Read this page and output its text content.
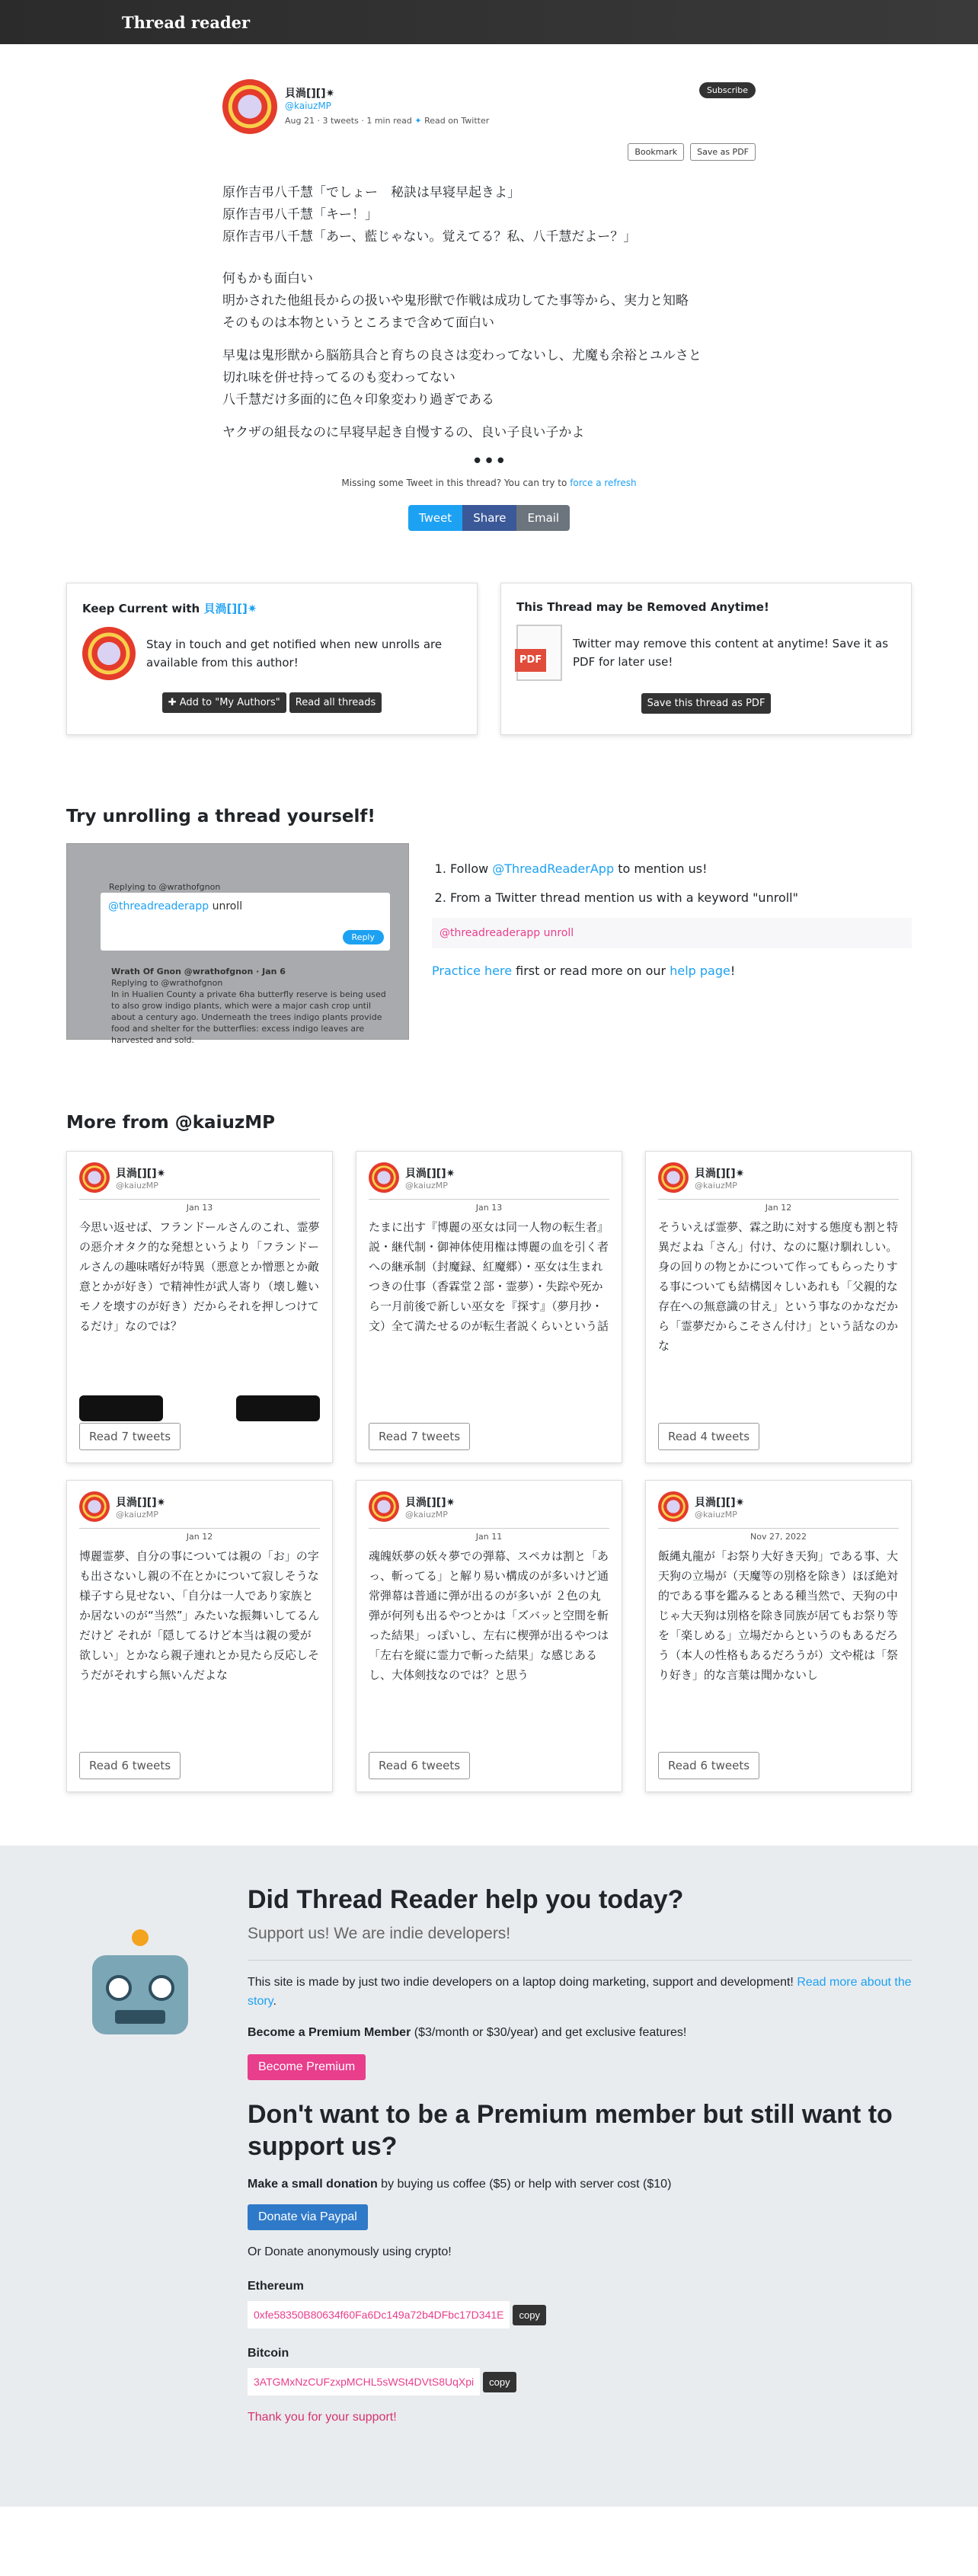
Thread reader
貝渦[][]✷
@kaiuzMP
Aug 21 · 3 tweets · 1 min read ✦ Read on Twitter
Subscribe
Bookmark	Save as PDF

原作吉弔八千慧「でしょー　秘訣は早寝早起きよ」
原作吉弔八千慧「キー！」
原作吉弔八千慧「あー、藍じゃない。覚えてる？私、八千慧だよー？」

何もかも面白い
明かされた他組長からの扱いや鬼形獣で作戦は成功してた事等から、実力と知略
そのものは本物というところまで含めて面白い

早鬼は鬼形獣から脳筋具合と育ちの良さは変わってないし、尤魔も余裕とユルさと
切れ味を併せ持ってるのも変わってない
八千慧だけ多面的に色々印象変わり過ぎである

ヤクザの組長なのに早寝早起き自慢するの、良い子良い子かよ

•••
Missing some Tweet in this thread? You can try to force a refresh
Tweet	Share	Email
Keep Current with 貝渦[][]✷
Stay in touch and get notified when new unrolls are available from this author!
✚ Add to "My Authors"	Read all threads
This Thread may be Removed Anytime!
PDF
Twitter may remove this content at anytime! Save it as PDF for later use!
Save this thread as PDF
Try unrolling a thread yourself!
Replying to @wrathofgnon
@threadreaderapp unroll
Reply
Wrath Of Gnon @wrathofgnon · Jan 6
Replying to @wrathofgnon
In in Hualien County a private 6ha butterfly reserve is being used to also grow indigo plants, which were a major cash crop until about a century ago. Underneath the trees indigo plants provide food and shelter for the butterflies: excess indigo leaves are harvested and sold.
1. Follow @ThreadReaderApp to mention us!
2. From a Twitter thread mention us with a keyword "unroll"
@threadreaderapp unroll
Practice here first or read more on our help page!
More from @kaiuzMP
貝渦[][]✷
@kaiuzMP
Jan 13
今思い返せば、フランドールさんのこれ、霊夢の惡介オタク的な発想というより「フランドールさんの趣味嗜好が特異（悪意とか憎悪とか敵意とかが好き）で精神性が武人寄り（壊し難いモノを壊すのが好き）だからそれを押しつけてるだけ」なのでは？
Read 7 tweets
貝渦[][]✷
@kaiuzMP
Jan 13
たまに出す『博麗の巫女は同一人物の転生者』説・継代制・御神体使用権は博麗の血を引く者への継承制（封魔録、紅魔郷）・巫女は生まれつきの仕事（香霖堂２部・霊夢）・失踪や死から一月前後で新しい巫女を『探す』（夢月抄・文）全て満たせるのが転生者説くらいという話
Read 7 tweets
貝渦[][]✷
@kaiuzMP
Jan 12
そういえば霊夢、霖之助に対する態度も割と特異だよね「さん」付け、なのに駆け馴れしい。身の回りの物とかについて作ってもらったりする事についても結構図々しいあれも「父親的な存在への無意識の甘え」という事なのかなだから「霊夢だからこそさん付け」という話なのかな
Read 4 tweets
貝渦[][]✷
@kaiuzMP
Jan 12
博麗霊夢、自分の事については親の「お」の字も出さないし親の不在とかについて寂しそうな様子すら見せない、「自分は一人であり家族とか居ないのが“当然”」みたいな振舞いしてるんだけど それが「隠してるけど本当は親の愛が欲しい」とかなら親子連れとか見たら反応しそうだがそれすら無いんだよな
Read 6 tweets
貝渦[][]✷
@kaiuzMP
Jan 11
魂魄妖夢の妖々夢での弾幕、スペカは割と「あっ、斬ってる」と解り易い構成のが多いけど通常弾幕は普通に弾が出るのが多いが ２色の丸弾が何列も出るやつとかは「ズバッと空間を斬った結果」っぽいし、左右に楔弾が出るやつは「左右を縦に霊力で斬った結果」な感じあるし、大体剣技なのでは？と思う
Read 6 tweets
貝渦[][]✷
@kaiuzMP
Nov 27, 2022
飯縄丸龍が「お祭り大好き天狗」である事、大天狗の立場が（天魔等の別格を除き）ほぼ絶対的である事を鑑みるとある種当然で、天狗の中じゃ大天狗は別格を除き同族が居てもお祭り等を「楽しめる」立場だからというのもあるだろう（本人の性格もあるだろうが）文や椛は「祭り好き」的な言葉は聞かないし
Read 6 tweets
Did Thread Reader help you today?
Support us! We are indie developers!

This site is made by just two indie developers on a laptop doing marketing, support and development! Read more about the story.

Become a Premium Member ($3/month or $30/year) and get exclusive features!

Become Premium
Don't want to be a Premium member but still want to support us?

Make a small donation by buying us coffee ($5) or help with server cost ($10)

Donate via Paypal

Or Donate anonymously using crypto!

Ethereum
0xfe58350B80634f60Fa6Dc149a72b4DFbc17D341E	copy
Bitcoin
3ATGMxNzCUFzxpMCHL5sWSt4DVtS8UqXpi	copy

Thank you for your support!
